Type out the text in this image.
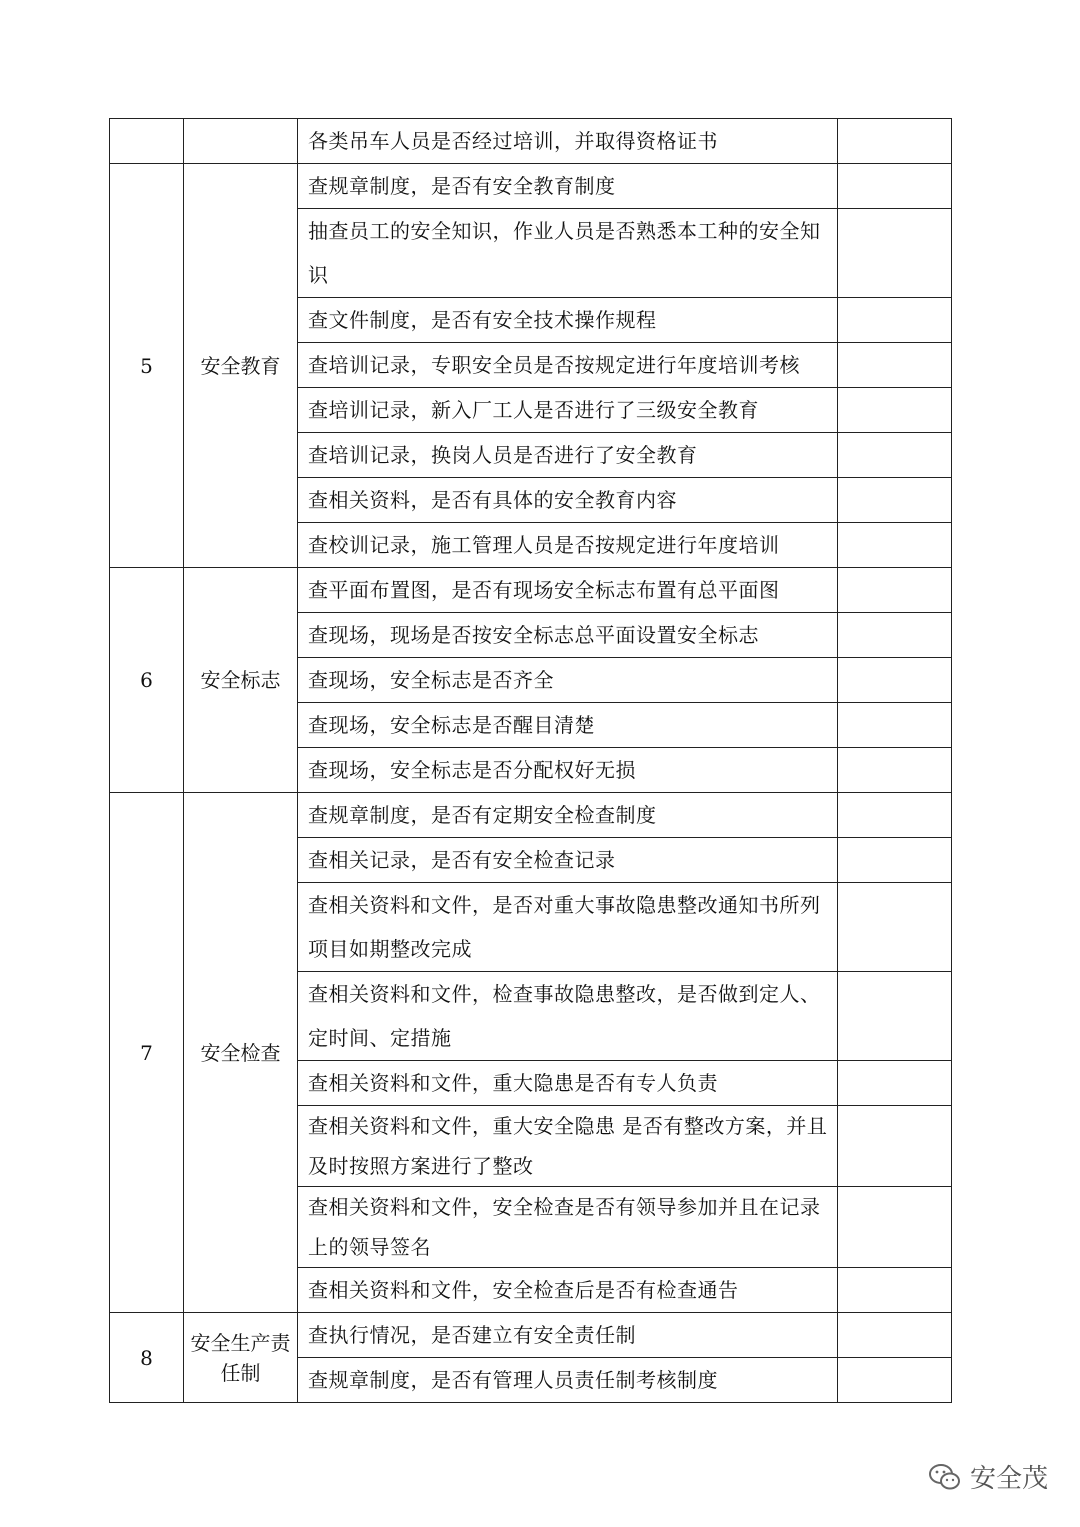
		各类吊车人员是否经过培训，并取得资格证书	
5	安全教育	查规章制度，是否有安全教育制度	
		抽查员工的安全知识，作业人员是否熟悉本工种的安全知识	
		查文件制度，是否有安全技术操作规程	
		查培训记录，专职安全员是否按规定进行年度培训考核	
		查培训记录，新入厂工人是否进行了三级安全教育	
		查培训记录，换岗人员是否进行了安全教育	
		查相关资料，是否有具体的安全教育内容	
		查校训记录，施工管理人员是否按规定进行年度培训	
6	安全标志	查平面布置图，是否有现场安全标志布置有总平面图	
		查现场，现场是否按安全标志总平面设置安全标志	
		查现场，安全标志是否齐全	
		查现场，安全标志是否醒目清楚	
		查现场，安全标志是否分配权好无损	
7	安全检查	查规章制度，是否有定期安全检查制度	
		查相关记录，是否有安全检查记录	
		查相关资料和文件，是否对重大事故隐患整改通知书所列项目如期整改完成	
		查相关资料和文件，检查事故隐患整改，是否做到定人、定时间、定措施	
		查相关资料和文件，重大隐患是否有专人负责	
		查相关资料和文件，重大安全隐患 是否有整改方案，并且及时按照方案进行了整改	
		查相关资料和文件，安全检查是否有领导参加并且在记录上的领导签名	
		查相关资料和文件，安全检查后是否有检查通告	
8	安全生产责任制	查执行情况，是否建立有安全责任制	
		查规章制度，是否有管理人员责任制考核制度	
安全茂
